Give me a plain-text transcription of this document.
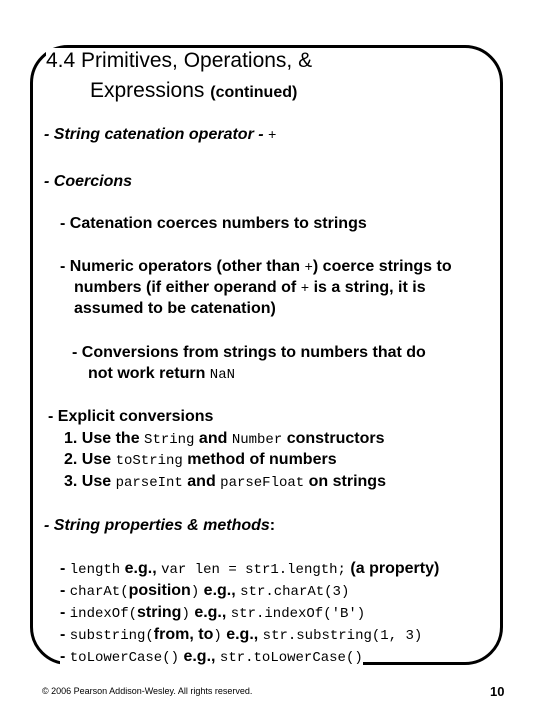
4.4 Primitives, Operations, &
Expressions (continued)
- String catenation operator - +
- Coercions
- Catenation coerces numbers to strings
- Numeric operators (other than +) coerce strings to
numbers (if either operand of + is a string, it is
assumed to be catenation)
- Conversions from strings to numbers that do
not work return NaN
- Explicit conversions
1. Use the String and Number constructors
2. Use toString method of numbers
3. Use parseInt and parseFloat on strings
- String properties & methods:
- length e.g., var len = str1.length; (a property)
- charAt(position) e.g., str.charAt(3)
- indexOf(string) e.g., str.indexOf('B')
- substring(from, to) e.g., str.substring(1, 3)
- toLowerCase() e.g., str.toLowerCase()
© 2006 Pearson Addison-Wesley. All rights reserved.	10
